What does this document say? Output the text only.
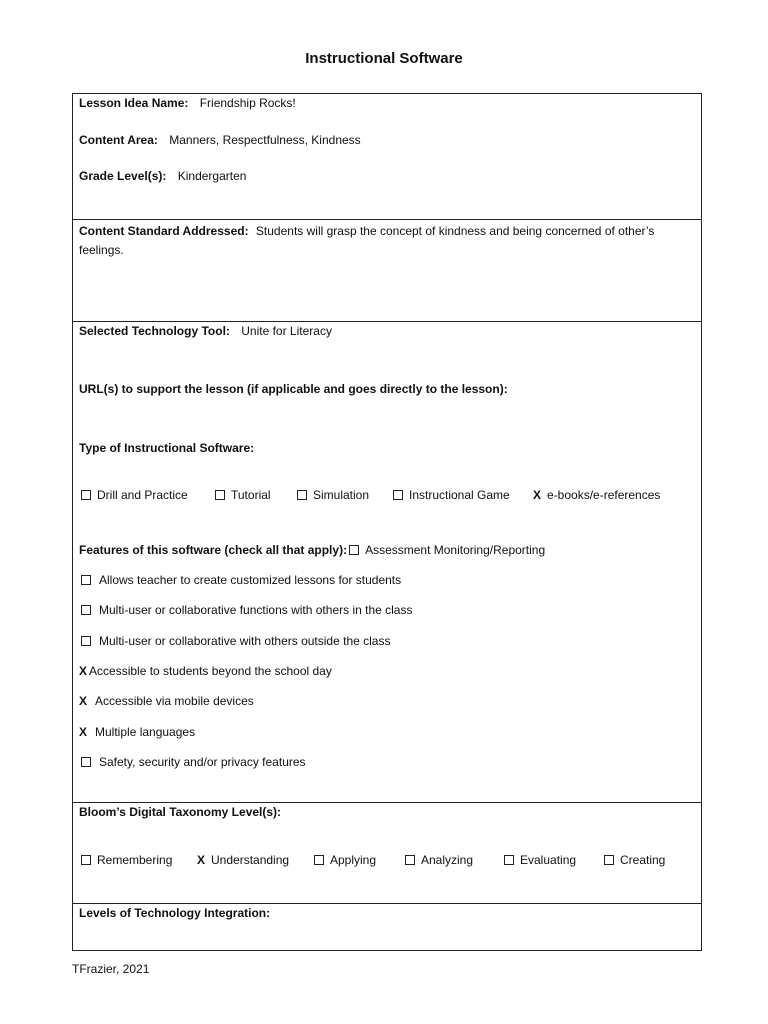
Instructional Software
Lesson Idea Name: Friendship Rocks!
Content Area: Manners, Respectfulness, Kindness
Grade Level(s): Kindergarten
Content Standard Addressed: Students will grasp the concept of kindness and being concerned of other’s feelings.
Selected Technology Tool: Unite for Literacy
URL(s) to support the lesson (if applicable and goes directly to the lesson):
Type of Instructional Software:
Drill and Practice	Tutorial	Simulation	Instructional Game X e-books/e-references
Features of this software (check all that apply): Assessment Monitoring/Reporting
Allows teacher to create customized lessons for students
Multi-user or collaborative functions with others in the class
Multi-user or collaborative with others outside the class
X Accessible to students beyond the school day
X Accessible via mobile devices
X Multiple languages
Safety, security and/or privacy features
Bloom’s Digital Taxonomy Level(s):
Remembering X Understanding	Applying	Analyzing	Evaluating	Creating
Levels of Technology Integration:
TFrazier, 2021
